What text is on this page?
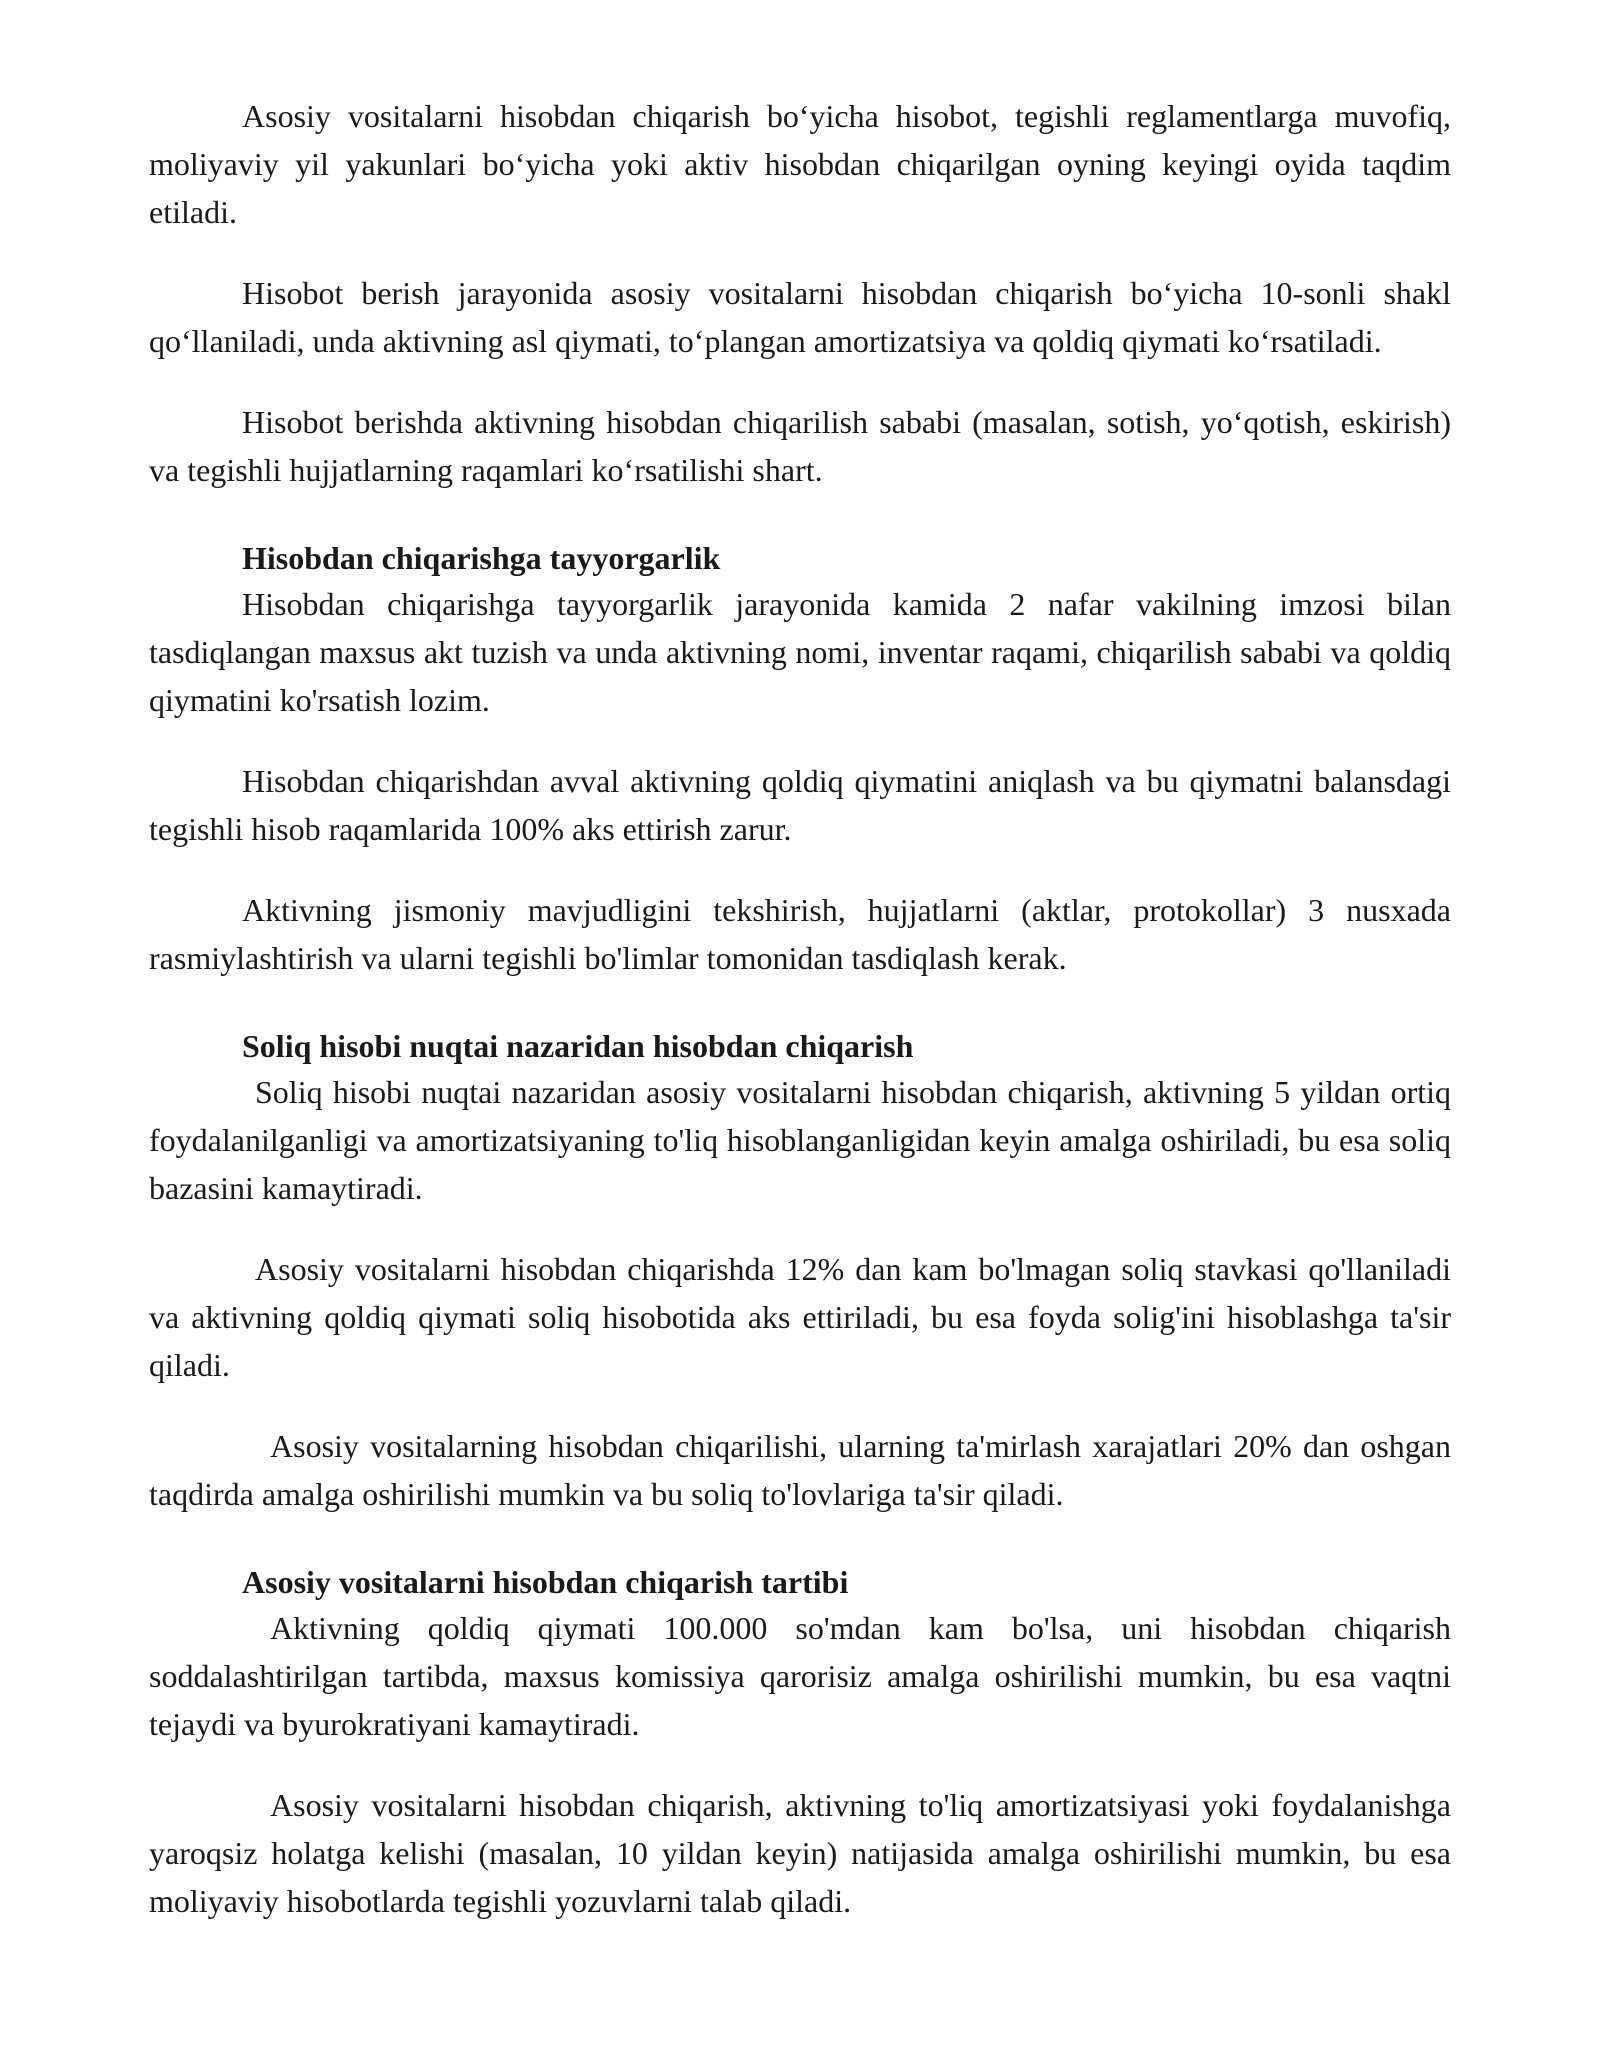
Asosiy vositalarni hisobdan chiqarish bo‘yicha hisobot, tegishli reglamentlarga muvofiq, moliyaviy yil yakunlari bo‘yicha yoki aktiv hisobdan chiqarilgan oyning keyingi oyida taqdim etiladi.

Hisobot berish jarayonida asosiy vositalarni hisobdan chiqarish bo‘yicha 10-sonli shakl qo‘llaniladi, unda aktivning asl qiymati, to‘plangan amortizatsiya va qoldiq qiymati ko‘rsatiladi.

Hisobot berishda aktivning hisobdan chiqarilish sababi (masalan, sotish, yo‘qotish, eskirish) va tegishli hujjatlarning raqamlari ko‘rsatilishi shart.

Hisobdan chiqarishga tayyorgarlik

Hisobdan chiqarishga tayyorgarlik jarayonida kamida 2 nafar vakilning imzosi bilan tasdiqlangan maxsus akt tuzish va unda aktivning nomi, inventar raqami, chiqarilish sababi va qoldiq qiymatini ko'rsatish lozim.

Hisobdan chiqarishdan avval aktivning qoldiq qiymatini aniqlash va bu qiymatni balansdagi tegishli hisob raqamlarida 100% aks ettirish zarur.

Aktivning jismoniy mavjudligini tekshirish, hujjatlarni (aktlar, protokollar) 3 nusxada rasmiylashtirish va ularni tegishli bo'limlar tomonidan tasdiqlash kerak.

Soliq hisobi nuqtai nazaridan hisobdan chiqarish

Soliq hisobi nuqtai nazaridan asosiy vositalarni hisobdan chiqarish, aktivning 5 yildan ortiq foydalanilganligi va amortizatsiyaning to'liq hisoblanganligidan keyin amalga oshiriladi, bu esa soliq bazasini kamaytiradi.

Asosiy vositalarni hisobdan chiqarishda 12% dan kam bo'lmagan soliq stavkasi qo'llaniladi va aktivning qoldiq qiymati soliq hisobotida aks ettiriladi, bu esa foyda solig'ini hisoblashga ta'sir qiladi.

Asosiy vositalarning hisobdan chiqarilishi, ularning ta'mirlash xarajatlari 20% dan oshgan taqdirda amalga oshirilishi mumkin va bu soliq to'lovlariga ta'sir qiladi.

Asosiy vositalarni hisobdan chiqarish tartibi

Aktivning qoldiq qiymati 100.000 so'mdan kam bo'lsa, uni hisobdan chiqarish soddalashtirilgan tartibda, maxsus komissiya qarorisiz amalga oshirilishi mumkin, bu esa vaqtni tejaydi va byurokratiyani kamaytiradi.

Asosiy vositalarni hisobdan chiqarish, aktivning to'liq amortizatsiyasi yoki foydalanishga yaroqsiz holatga kelishi (masalan, 10 yildan keyin) natijasida amalga oshirilishi mumkin, bu esa moliyaviy hisobotlarda tegishli yozuvlarni talab qiladi.
